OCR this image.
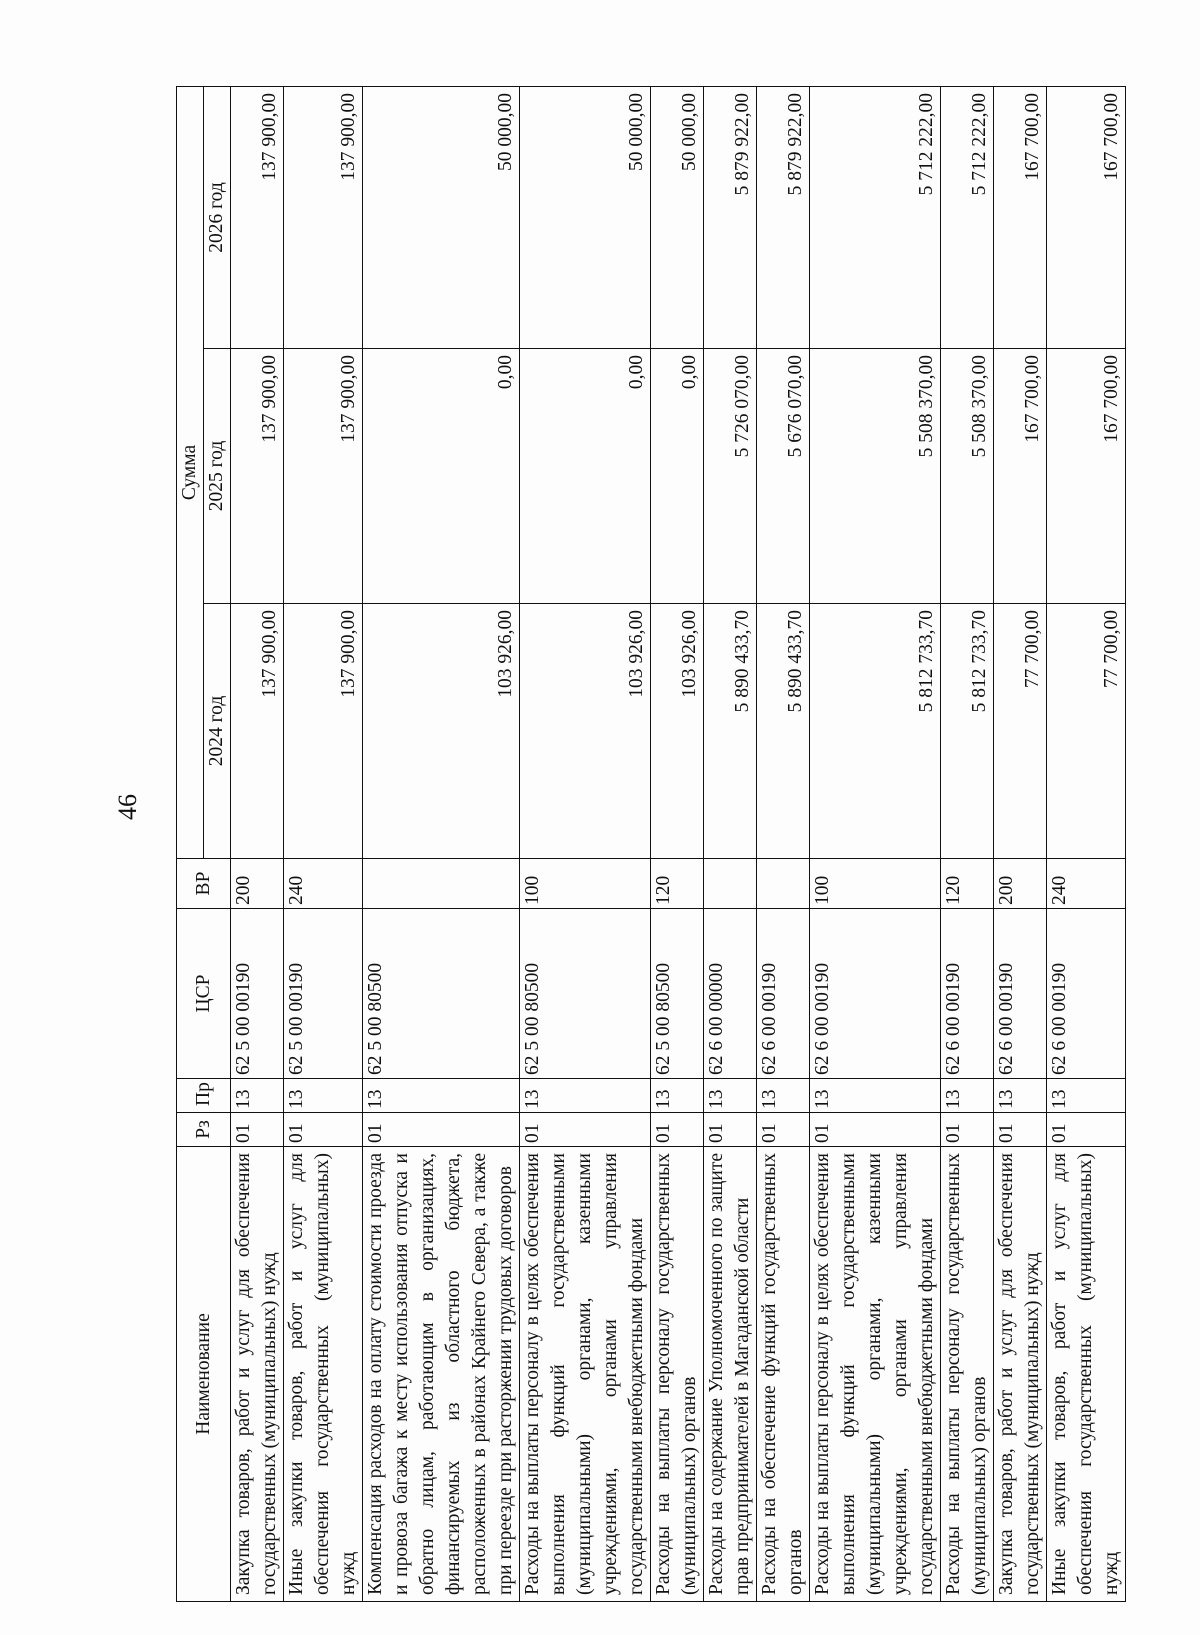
46
Наименование	Рз	Пр	ЦСР	ВР	Сумма		
					2024 год	2025 год	2026 год
Закупка товаров, работ и услуг для обеспечения государственных (муниципальных) нужд	01	13	62 5 00 00190	200	137 900,00	137 900,00	137 900,00
Иные закупки товаров, работ и услуг для обеспечения государственных (муниципальных) нужд	01	13	62 5 00 00190	240	137 900,00	137 900,00	137 900,00
Компенсация расходов на оплату стоимости проезда и провоза багажа к месту использования отпуска и обратно лицам, работающим в организациях, финансируемых из областного бюджета, расположенных в районах Крайнего Севера, а также при переезде при расторжении трудовых договоров	01	13	62 5 00 80500		103 926,00	0,00	50 000,00
Расходы на выплаты персоналу в целях обеспечения выполнения функций государственными (муниципальными) органами, казенными учреждениями, органами управления государственными внебюджетными фондами	01	13	62 5 00 80500	100	103 926,00	0,00	50 000,00
Расходы на выплаты персоналу государственных (муниципальных) органов	01	13	62 5 00 80500	120	103 926,00	0,00	50 000,00
Расходы на содержание Уполномоченного по защите прав предпринимателей в Магаданской области	01	13	62 6 00 00000		5 890 433,70	5 726 070,00	5 879 922,00
Расходы на обеспечение функций государственных органов	01	13	62 6 00 00190		5 890 433,70	5 676 070,00	5 879 922,00
Расходы на выплаты персоналу в целях обеспечения выполнения функций государственными (муниципальными) органами, казенными учреждениями, органами управления государственными внебюджетными фондами	01	13	62 6 00 00190	100	5 812 733,70	5 508 370,00	5 712 222,00
Расходы на выплаты персоналу государственных (муниципальных) органов	01	13	62 6 00 00190	120	5 812 733,70	5 508 370,00	5 712 222,00
Закупка товаров, работ и услуг для обеспечения государственных (муниципальных) нужд	01	13	62 6 00 00190	200	77 700,00	167 700,00	167 700,00
Иные закупки товаров, работ и услуг для обеспечения государственных (муниципальных) нужд	01	13	62 6 00 00190	240	77 700,00	167 700,00	167 700,00
